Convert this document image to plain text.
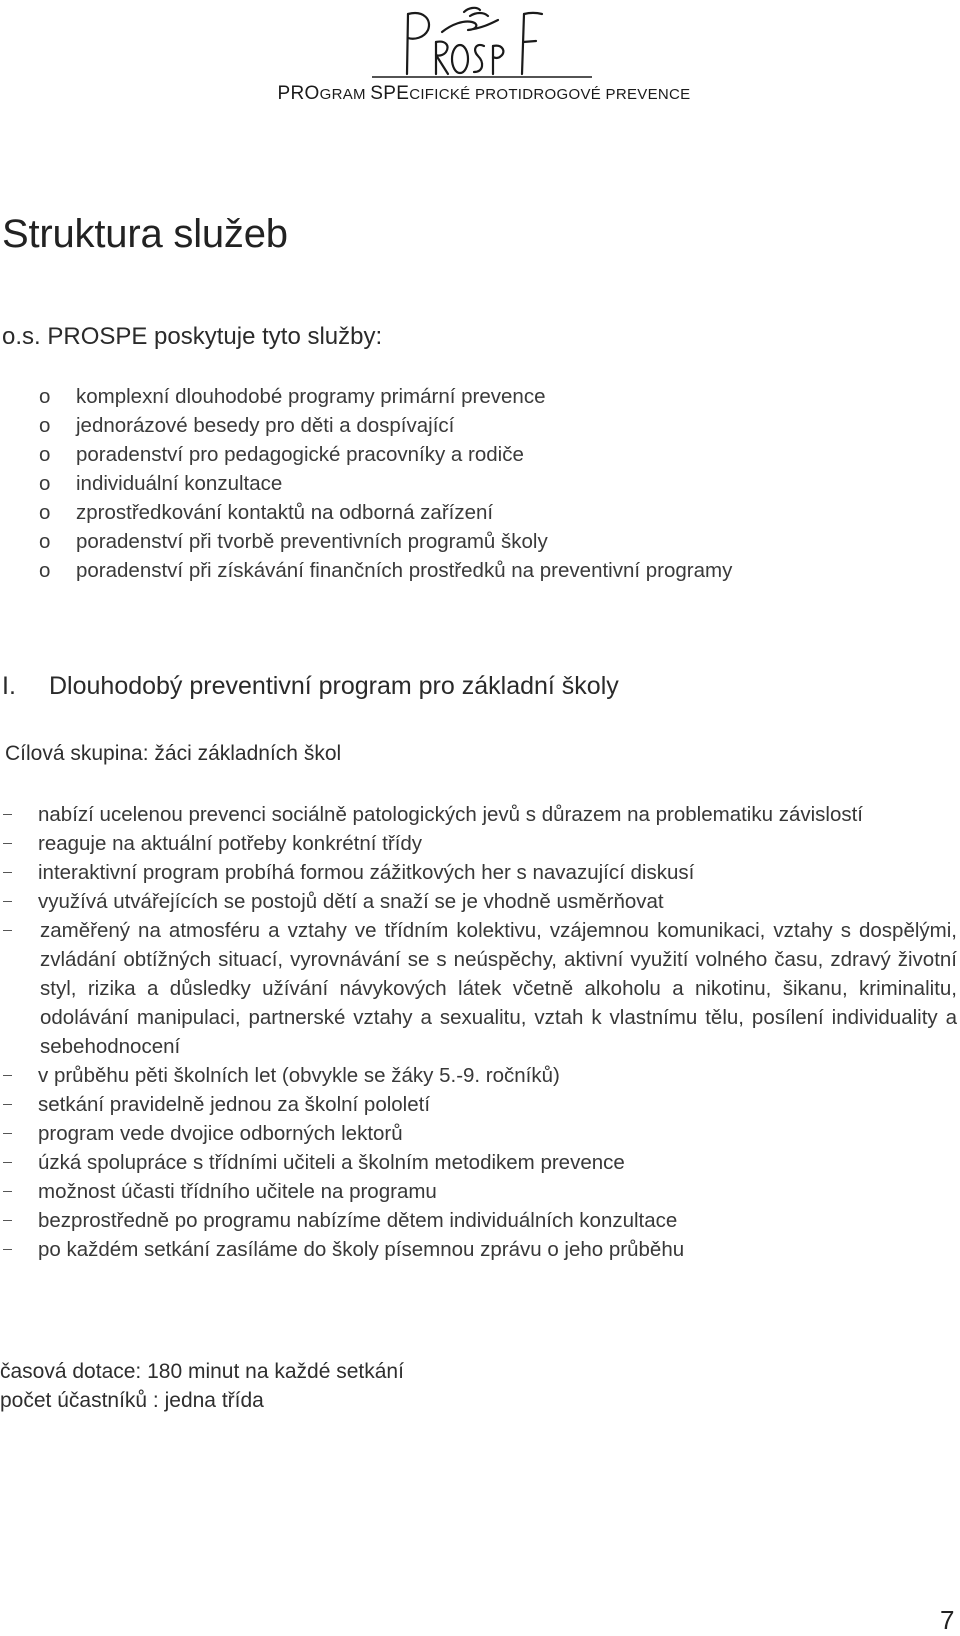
PROGRAM SPECIFICKÉ PROTIDROGOVÉ PREVENCE
Struktura služeb

o.s. PROSPE poskytuje tyto služby:

o komplexní dlouhodobé programy primární prevence
o jednorázové besedy pro děti a dospívající
o poradenství pro pedagogické pracovníky a rodiče
o individuální konzultace
o zprostředkování kontaktů na odborná zařízení
o poradenství při tvorbě preventivních programů školy
o poradenství při získávání finančních prostředků na preventivní programy
I. Dlouhodobý preventivní program pro základní školy

Cílová skupina: žáci základních škol

nabízí ucelenou prevenci sociálně patologických jevů s důrazem na problematiku závislostí
reaguje na aktuální potřeby konkrétní třídy
interaktivní program probíhá formou zážitkových her s navazující diskusí
využívá utvářejících se postojů dětí a snaží se je vhodně usměrňovat
zaměřený na atmosféru a vztahy ve třídním kolektivu, vzájemnou komunikaci, vztahy s dospělými, zvládání obtížných situací, vyrovnávání se s neúspěchy, aktivní využití volného času, zdravý životní styl, rizika a důsledky užívání návykových látek včetně alkoholu a nikotinu, šikanu, kriminalitu, odolávání manipulaci, partnerské vztahy a sexualitu, vztah k vlastnímu tělu, posílení individuality a sebehodnocení
v průběhu pěti školních let (obvykle se žáky 5.-9. ročníků)
setkání pravidelně jednou za školní pololetí
program vede dvojice odborných lektorů
úzká spolupráce s třídními učiteli a školním metodikem prevence
možnost účasti třídního učitele na programu
bezprostředně po programu nabízíme dětem individuálních konzultace
po každém setkání zasíláme do školy písemnou zprávu o jeho průběhu
časová dotace: 180 minut na každé setkání
počet účastníků : jedna třída
7
